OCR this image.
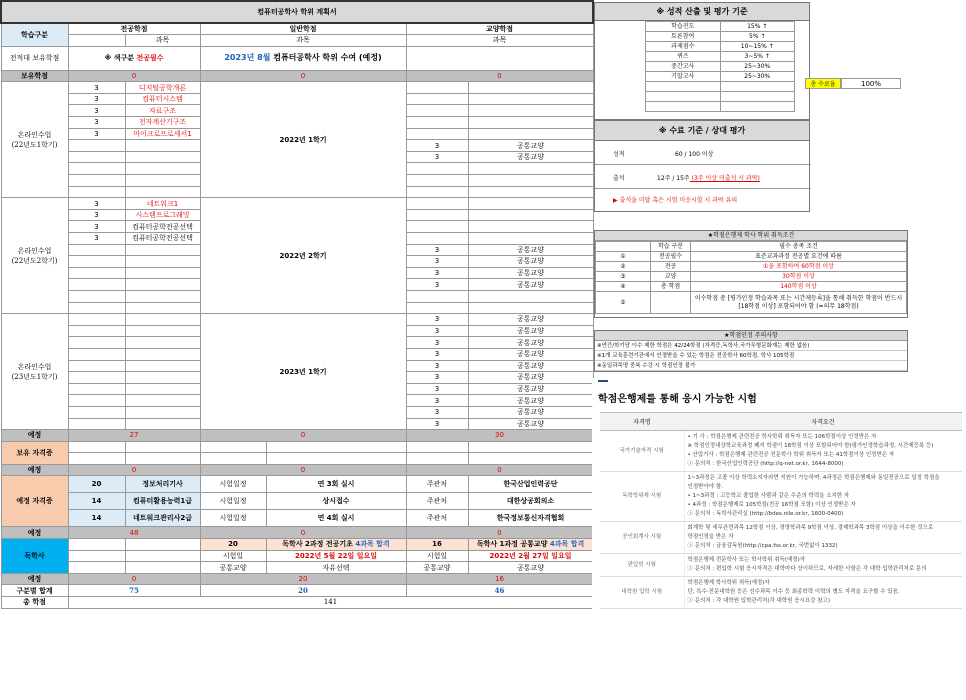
컴퓨터공학사 학위 계획서						
학습구분	전공학점		일반학점		교양학점	
		과목	과목		과목	
전적대 보유학점	※ 색구분 전공필수		2023년 8월 컴퓨터공학사 학위 수여 (예정)			
보유학점	0		0		0	
온라인수업
(22년도1학기)	3	디지털공학개론	2022년 1학기			
	3	컴퓨터시스템				
	3	자료구조				
	3	전자계산기구조				
	3	마이크로프로세서1				
					3	공통교양
					3	공통교양

온라인수업
(22년도2학기)	3	네트워크1	2022년 2학기			
	3	시스템프로그래밍				
	3	컴퓨터공학전공선택				
	3	컴퓨터공학전공선택				
					3	공통교양
					3	공통교양
					3	공통교양
					3	공통교양

온라인수업
(23년도1학기)			2023년 1학기		3	공통교양
					3	공통교양
					3	공통교양
					3	공통교양
					3	공통교양
					3	공통교양
					3	공통교양
					3	공통교양
					3	공통교양
					3	공통교양
예정	27		0		30	
보유 자격증						

예정	0		0		0	
예정 자격증	20	정보처리기사	시험일정	연 3회 실시	주관처	한국산업인력공단
	14	컴퓨터활용능력1급	시험일정	상시접수	주관처	대한상공회의소
	14	네트워크관리사2급	시험일정	연 4회 실시	주관처	한국정보통신자격협회
예정	48		0		0	
독학사			20	독학사 2과정 전공기초 4과목 합격	16	독학사 1과정 공통교양 4과목 합격
			시험일	2022년 5월 22일 일요일	시험일	2022년 2월 27일 일요일
			공통교양	자유선택	공통교양	공통교양
예정	0		20		16	
구분별 합계	75		20		46	
총 학점	141					
※ 성적 산출 및 평가 기준
학습진도	15% ↑
토론참여	5% ↑
과제점수	10~15% ↑
퀴즈	3~5% ↑
중간고사	25~30%
기말고사	25~30%

총 수료율	100%
※ 수료 기준 / 상대 평가
성적	60 / 100 이상
출석	12주 / 15주 (3주 이상 미출석 시 과락)
▶ 출석을 미달 혹은 시험 미응시할 시 과락 유의
★학점은행제 학사 학위 취득조건
	학습 구분	필수 충족 조건
①	전공필수	표준교과과정 전공별 요건에 따름
②	전공	①을 포함하여 60학점 이상
③	교양	30학점 이상
④	총 학점	140학점 이상
⑤		이수학점 중 [평가인정 학습과목 또는 시간제등록]을 통해 취득한 학점이 반드시 [18학점 이상] 포함되어야 함 (=의무 18학점)
★학점인정 주의사항
※연간/학기당 이수 제한 학점은 42/24학점 (자격증,독학사,국가무형문화재는 제한 없음)
※1개 교육훈련기관에서 인정받을 수 있는 학점은 전공학사 60학점, 학사 105학점
※동일과목명 중복 수강 시 학점인정 불가
학점은행제를 통해 응시 가능한 시험
자격명	자격요건
국가기술자격 시험	• 기 사 : 학점은행제 관련전공 학사학위 취득자 또는 106학점이상 인정받은 자
※ 학점인정대상학교육과정 폐지 학점이 18학점 이상 포함되어야 함(평가인정학습과정, 시간제등록 등)
• 산업기사 : 학점은행제 관련전공 전문학사 학위 취득자 또는 41학점이상 인정받은 자
ⓘ 문의처 : 한국산업인력공단 (http://q-net.or.kr, 1644-8000)

독학학위제 시험	1~3과정은 고졸 이상 학력소지자라면 지원이 가능하며, 4과정은 학점은행제와 동일전공으로 일정 학점을
인정받아야 함.
• 1~3과정 : 고등학교 졸업한 사람과 같은 수준의 학력을 소지한 자
• 4과정 : 학점은행제로 105학점(전공 16학점 포함) 이상 인정받은 자
ⓘ 문의처 : 독학사관리실 (http://bdes.nile.or.kr, 1600-0400)

공인회계사 시험	회계학 및 세무관련과목 12학점 이상, 경영학과목 9학점 이상, 경제학과목 3학점 이상을 이수한 것으로
학점인정을 받은 자
ⓘ 문의처 : 금융감독원(http://cpa.fss.or.kr, 국번없이 1332)

편입학 시험	학점은행제 전문학사 또는 학사학위 취득(예정)자
ⓘ 문의처 : 편입학 시험 응시자격은 대학마다 상이하므로, 자세한 사항은 각 대학 입학관리처로 문의

대학원 입학 시험	학점은행제 학사학위 취득(예정)자
단, 특수·전문대학원 등은 선수과목 이수 등 최종학력 이력의 별도 자격을 요구할 수 있음.
ⓘ 문의처 : 각 대학원 입학관리처(각 대학원 응시요강 참고)
